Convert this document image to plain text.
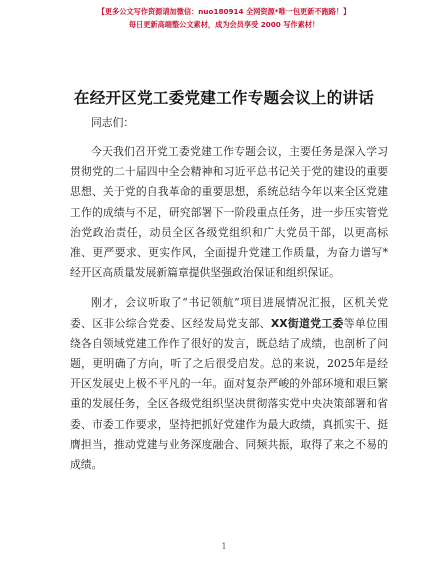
【更多公文写作资源请加微信：nuo180914 全网资源*唯一包更新不跑路！】
每日更新高端整公文素材，成为会员享受 2000 写作素材！
在经开区党工委党建工作专题会议上的讲话

同志们：

今天我们召开党工委党建工作专题会议，主要任务是深入学习贯彻党的二十届四中全会精神和习近平总书记关于党的建设的重要思想、关于党的自我革命的重要思想，系统总结今年以来全区党建工作的成绩与不足，研究部署下一阶段重点任务，进一步压实管党治党政治责任，动员全区各级党组织和广大党员干部，以更高标准、更严要求、更实作风，全面提升党建工作质量，为奋力谱写*经开区高质量发展新篇章提供坚强政治保证和组织保证。

刚才，会议听取了“书记领航”项目进展情况汇报，区机关党委、区非公综合党委、区经发局党支部、XX街道党工委等单位围绕各自领域党建工作作了很好的发言，既总结了成绩，也剖析了问题，更明确了方向，听了之后很受启发。总的来说，2025年是经开区发展史上极不平凡的一年。面对复杂严峻的外部环境和艰巨繁重的发展任务，全区各级党组织坚决贯彻落实党中央决策部署和省委、市委工作要求，坚持把抓好党建作为最大政绩，真抓实干、挺膺担当，推动党建与业务深度融合、同频共振，取得了来之不易的成绩。

1
